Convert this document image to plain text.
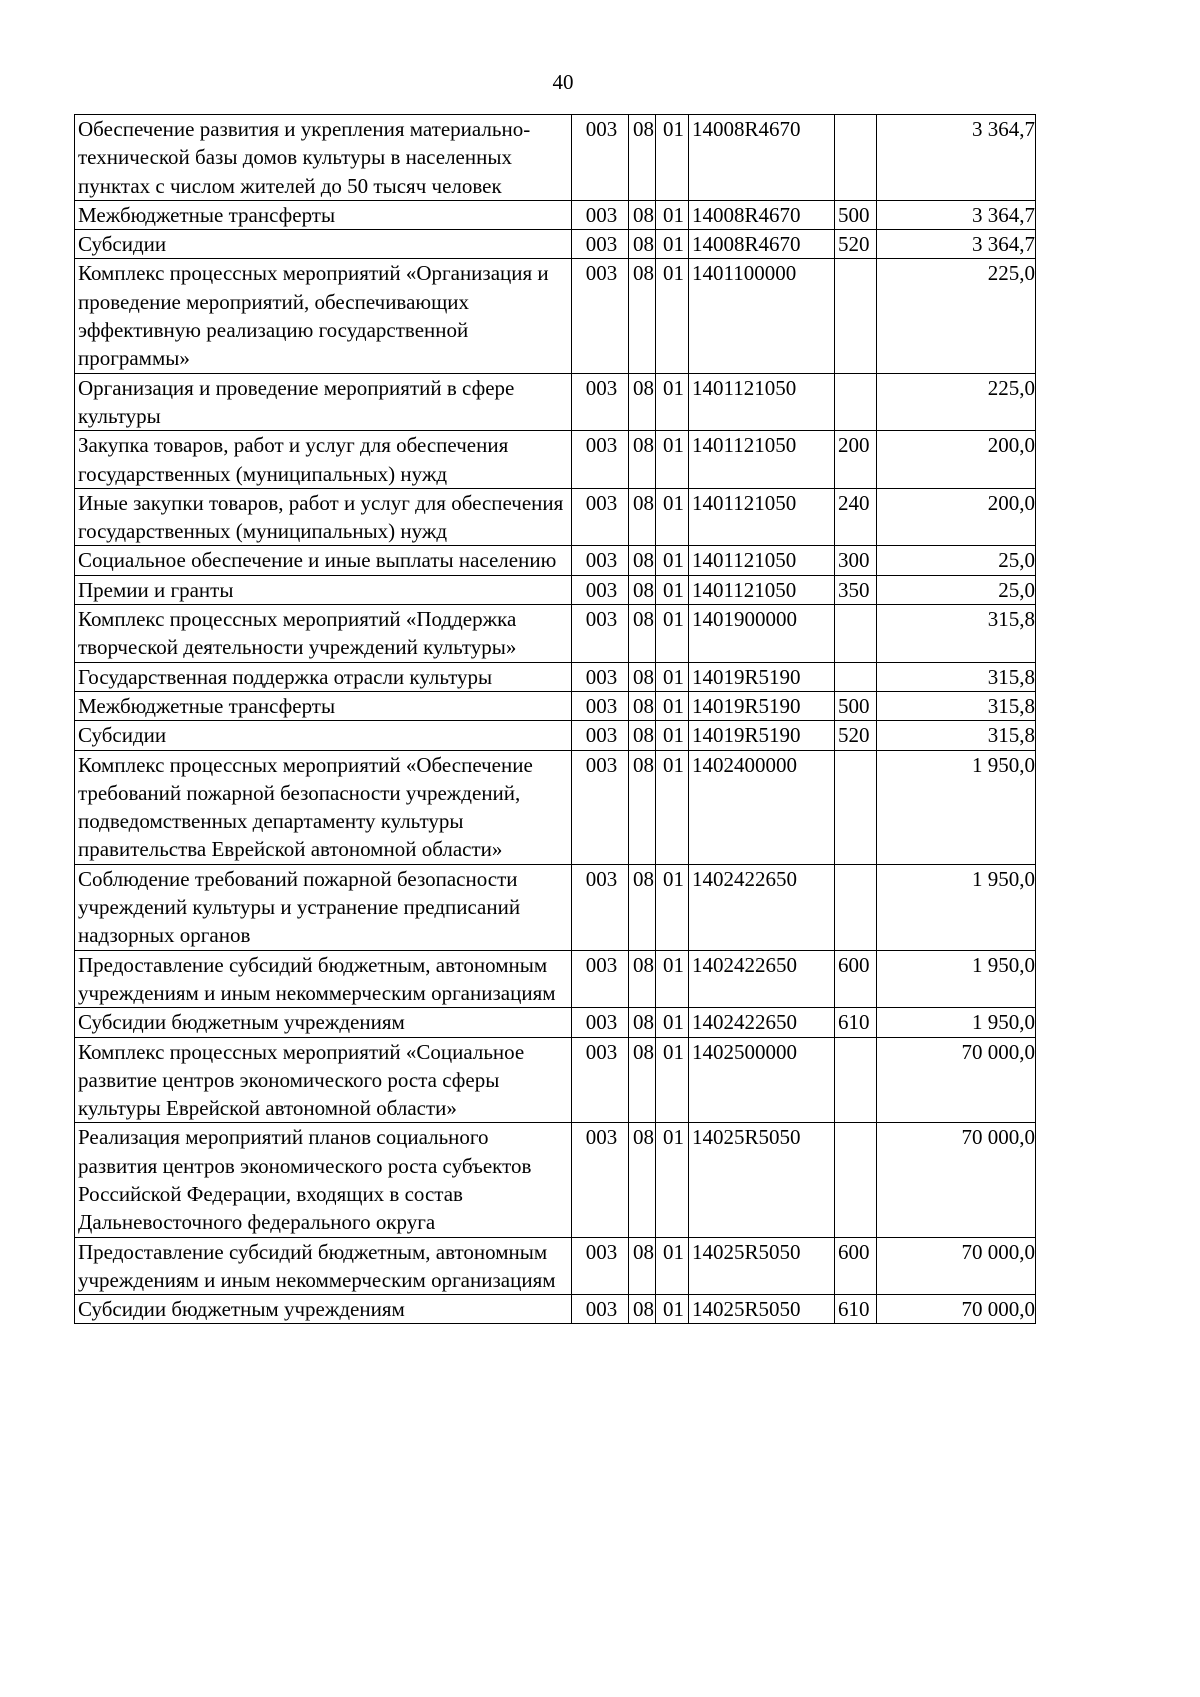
40
Обеспечение развития и укрепления материально-технической базы домов культуры в населенных пунктах с числом жителей до 50 тысяч человек	003	08	01	14008R4670		3 364,7
Межбюджетные трансферты	003	08	01	14008R4670	500	3 364,7
Субсидии	003	08	01	14008R4670	520	3 364,7
Комплекс процессных мероприятий «Организация и проведение мероприятий, обеспечивающих эффективную реализацию государственной программы»	003	08	01	1401100000		225,0
Организация и проведение мероприятий в сфере культуры	003	08	01	1401121050		225,0
Закупка товаров, работ и услуг для обеспечения государственных (муниципальных) нужд	003	08	01	1401121050	200	200,0
Иные закупки товаров, работ и услуг для обеспечения государственных (муниципальных) нужд	003	08	01	1401121050	240	200,0
Социальное обеспечение и иные выплаты населению	003	08	01	1401121050	300	25,0
Премии и гранты	003	08	01	1401121050	350	25,0
Комплекс процессных мероприятий «Поддержка творческой деятельности учреждений культуры»	003	08	01	1401900000		315,8
Государственная поддержка отрасли культуры	003	08	01	14019R5190		315,8
Межбюджетные трансферты	003	08	01	14019R5190	500	315,8
Субсидии	003	08	01	14019R5190	520	315,8
Комплекс процессных мероприятий «Обеспечение требований пожарной безопасности учреждений, подведомственных департаменту культуры правительства Еврейской автономной области»	003	08	01	1402400000		1 950,0
Соблюдение требований пожарной безопасности учреждений культуры и устранение предписаний надзорных органов	003	08	01	1402422650		1 950,0
Предоставление субсидий бюджетным, автономным учреждениям и иным некоммерческим организациям	003	08	01	1402422650	600	1 950,0
Субсидии бюджетным учреждениям	003	08	01	1402422650	610	1 950,0
Комплекс процессных мероприятий «Социальное развитие центров экономического роста сферы культуры Еврейской автономной области»	003	08	01	1402500000		70 000,0
Реализация мероприятий планов социального развития центров экономического роста субъектов Российской Федерации, входящих в состав Дальневосточного федерального округа	003	08	01	14025R5050		70 000,0
Предоставление субсидий бюджетным, автономным учреждениям и иным некоммерческим организациям	003	08	01	14025R5050	600	70 000,0
Субсидии бюджетным учреждениям	003	08	01	14025R5050	610	70 000,0
